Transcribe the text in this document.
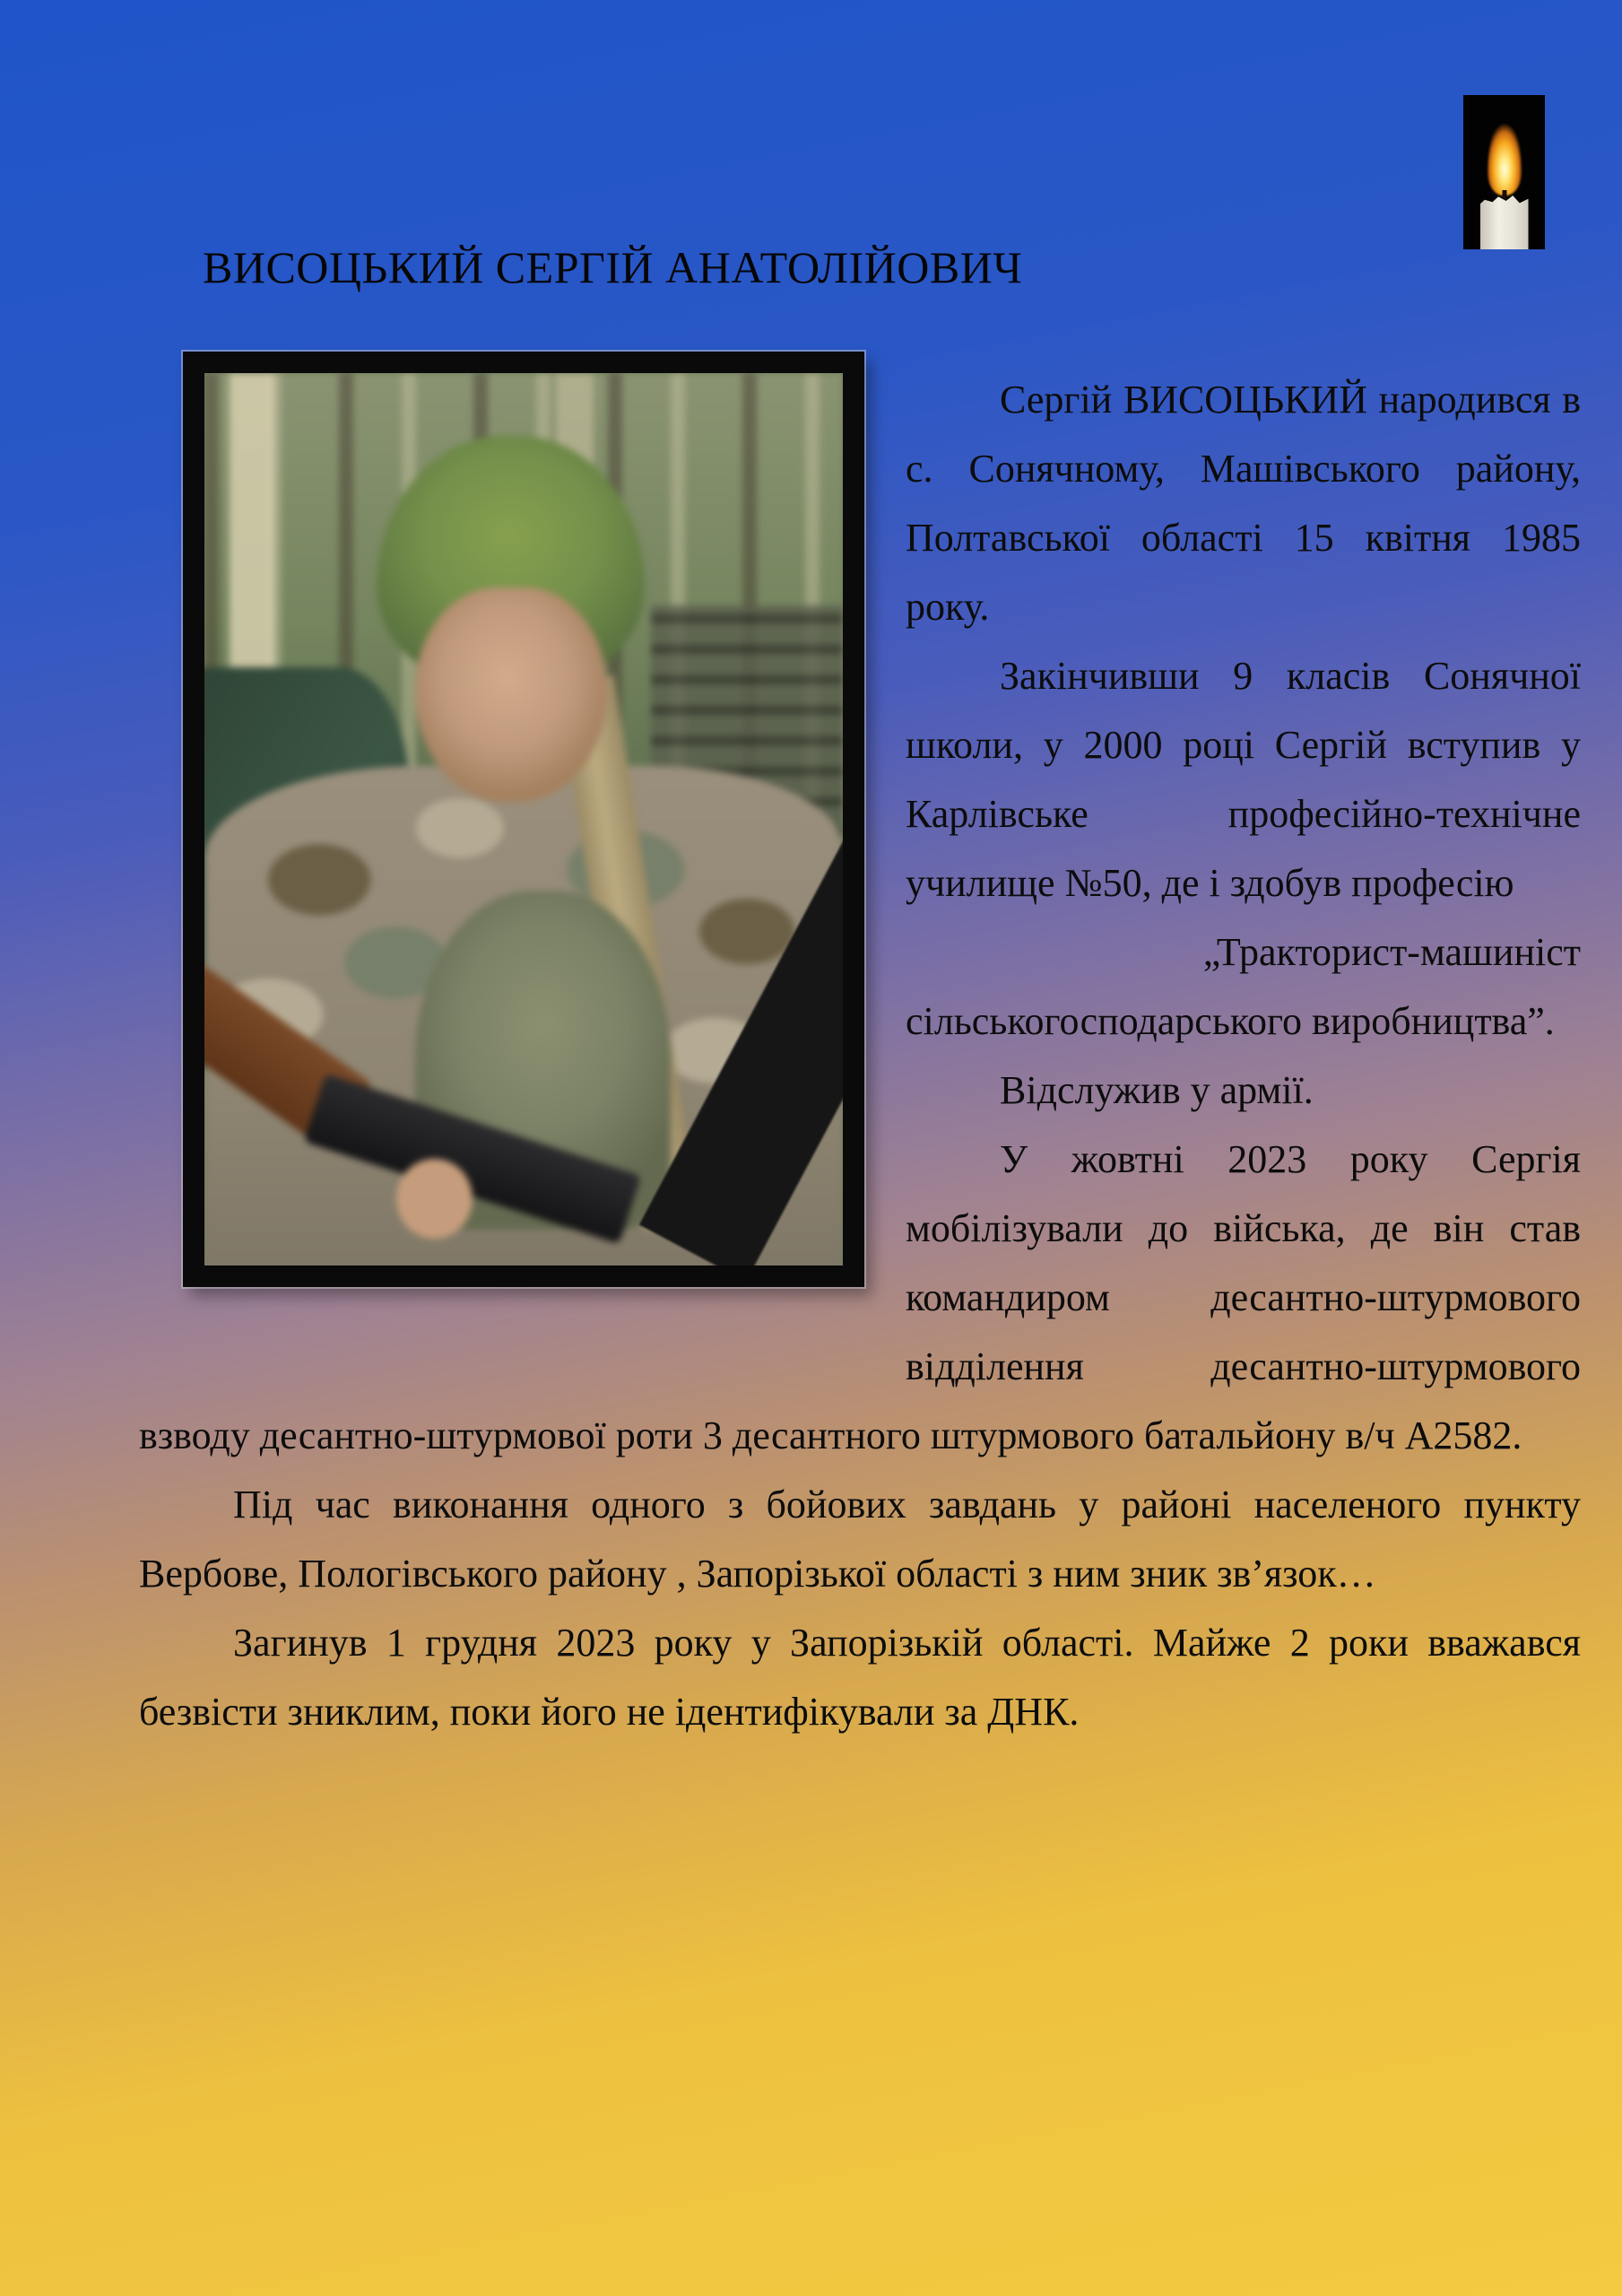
ВИСОЦЬКИЙ СЕРГІЙ АНАТОЛІЙОВИЧ

Сергій ВИСОЦЬКИЙ народився в с. Сонячному, Машівського району, Полтавської області 15 квітня 1985 року.

Закінчивши 9 класів Сонячної школи, у 2000 році Сергій вступив у Карлівське професійно-технічне училище №50, де і здобув професію

„Тракторист-машиніст

сільськогосподарського виробництва”.

Відслужив у армії.

У жовтні 2023 року Сергія мобілізували до війська, де він став командиром десантно-штурмового відділення десантно-штурмового взводу десантно-штурмової роти 3 десантного штурмового батальйону в/ч А2582.

Під час виконання одного з бойових завдань у районі населеного пункту Вербове, Пологівського району , Запорізької області з ним зник зв’язок…

Загинув 1 грудня 2023 року у Запорізькій області. Майже 2 роки вважався безвісти зниклим, поки його не ідентифікували за ДНК.
